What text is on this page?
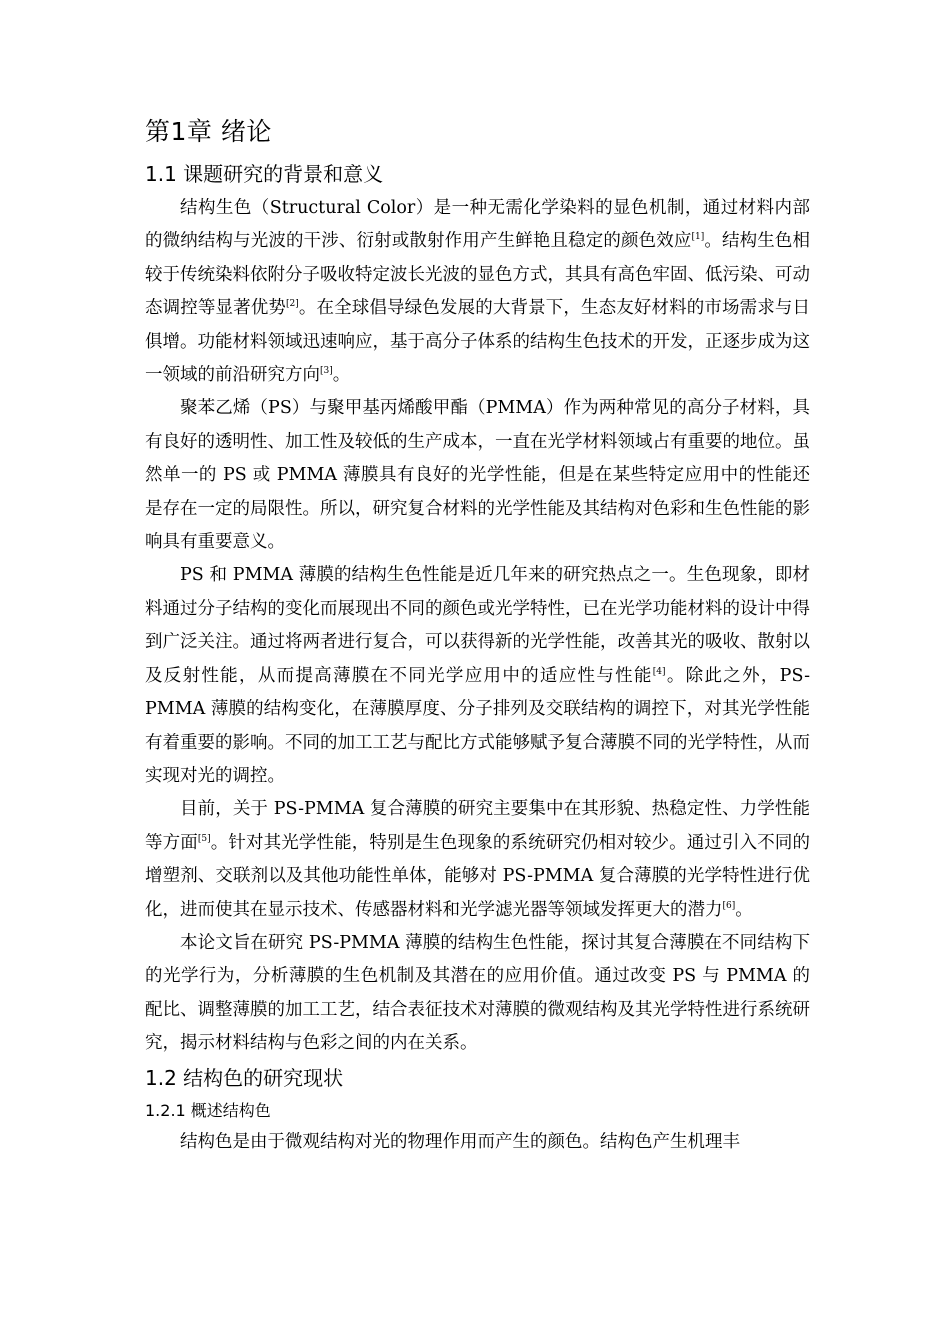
第1章 绪论
1.1 课题研究的背景和意义

结构生色（Structural Color）是一种无需化学染料的显色机制，通过材料内部的微纳结构与光波的干涉、衍射或散射作用产生鲜艳且稳定的颜色效应[1]。结构生色相较于传统染料依附分子吸收特定波长光波的显色方式，其具有高色牢固、低污染、可动态调控等显著优势[2]。在全球倡导绿色发展的大背景下，生态友好材料的市场需求与日俱增。功能材料领域迅速响应，基于高分子体系的结构生色技术的开发，正逐步成为这一领域的前沿研究方向[3]。

聚苯乙烯（PS）与聚甲基丙烯酸甲酯（PMMA）作为两种常见的高分子材料，具有良好的透明性、加工性及较低的生产成本，一直在光学材料领域占有重要的地位。虽然单一的 PS 或 PMMA 薄膜具有良好的光学性能，但是在某些特定应用中的性能还是存在一定的局限性。所以，研究复合材料的光学性能及其结构对色彩和生色性能的影响具有重要意义。

PS 和 PMMA 薄膜的结构生色性能是近几年来的研究热点之一。生色现象，即材料通过分子结构的变化而展现出不同的颜色或光学特性，已在光学功能材料的设计中得到广泛关注。通过将两者进行复合，可以获得新的光学性能，改善其光的吸收、散射以及反射性能，从而提高薄膜在不同光学应用中的适应性与性能[4]。除此之外，PS-PMMA 薄膜的结构变化，在薄膜厚度、分子排列及交联结构的调控下，对其光学性能有着重要的影响。不同的加工工艺与配比方式能够赋予复合薄膜不同的光学特性，从而实现对光的调控。

目前，关于 PS-PMMA 复合薄膜的研究主要集中在其形貌、热稳定性、力学性能等方面[5]。针对其光学性能，特别是生色现象的系统研究仍相对较少。通过引入不同的增塑剂、交联剂以及其他功能性单体，能够对 PS-PMMA 复合薄膜的光学特性进行优化，进而使其在显示技术、传感器材料和光学滤光器等领域发挥更大的潜力[6]。

本论文旨在研究 PS-PMMA 薄膜的结构生色性能，探讨其复合薄膜在不同结构下的光学行为，分析薄膜的生色机制及其潜在的应用价值。通过改变 PS 与 PMMA 的配比、调整薄膜的加工工艺，结合表征技术对薄膜的微观结构及其光学特性进行系统研究，揭示材料结构与色彩之间的内在关系。

1.2 结构色的研究现状
1.2.1 概述结构色

结构色是由于微观结构对光的物理作用而产生的颜色。结构色产生机理丰
